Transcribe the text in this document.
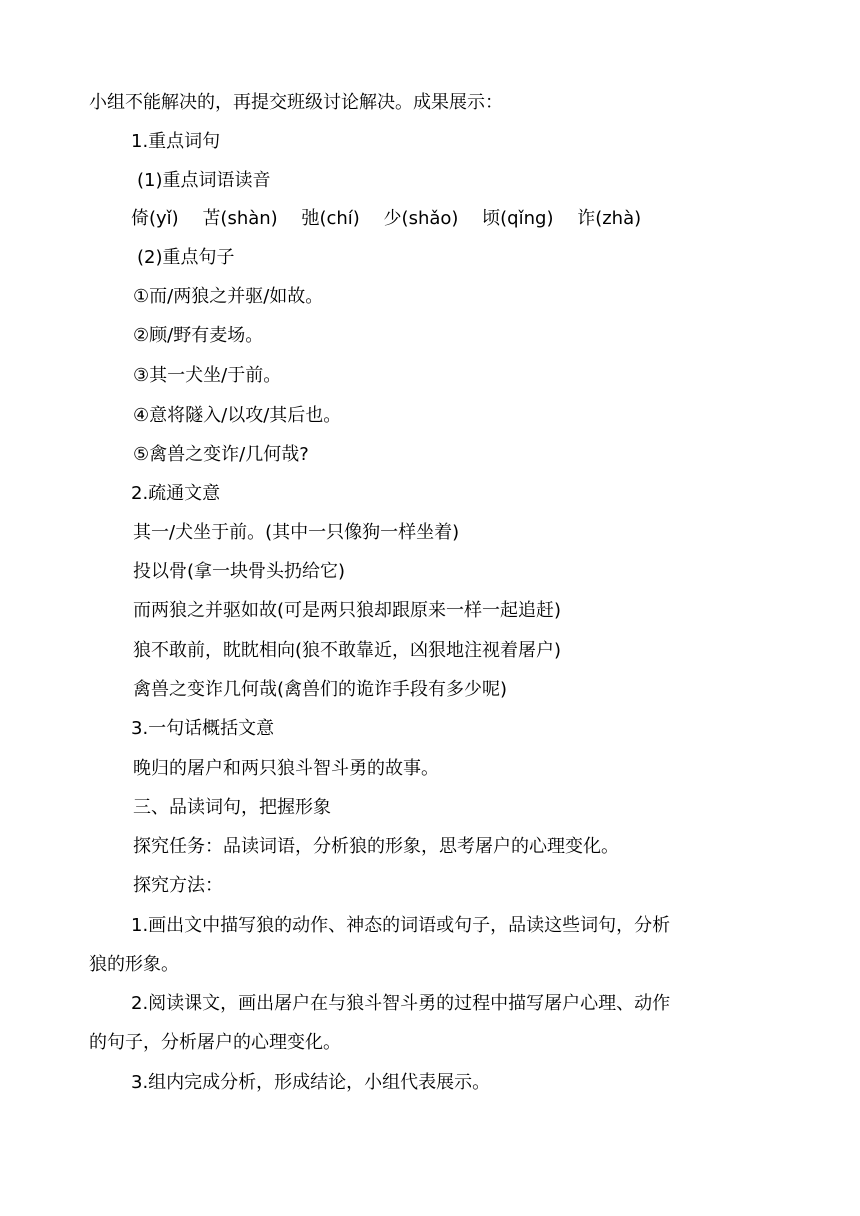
小组不能解决的，再提交班级讨论解决。成果展示：
1.重点词句
(1)重点词语读音
倚(yǐ) 苫(shàn) 弛(chí) 少(shǎo) 顷(qǐng) 诈(zhà)
(2)重点句子
①而/两狼之并驱/如故。
②顾/野有麦场。
③其一犬坐/于前。
④意将隧入/以攻/其后也。
⑤禽兽之变诈/几何哉?
2.疏通文意
其一/犬坐于前。(其中一只像狗一样坐着)
投以骨(拿一块骨头扔给它)
而两狼之并驱如故(可是两只狼却跟原来一样一起追赶)
狼不敢前，眈眈相向(狼不敢靠近，凶狠地注视着屠户)
禽兽之变诈几何哉(禽兽们的诡诈手段有多少呢)
3.一句话概括文意
晚归的屠户和两只狼斗智斗勇的故事。
三、品读词句，把握形象
探究任务：品读词语，分析狼的形象，思考屠户的心理变化。
探究方法：
1.画出文中描写狼的动作、神态的词语或句子，品读这些词句，分析
狼的形象。
2.阅读课文，画出屠户在与狼斗智斗勇的过程中描写屠户心理、动作
的句子，分析屠户的心理变化。
3.组内完成分析，形成结论，小组代表展示。
